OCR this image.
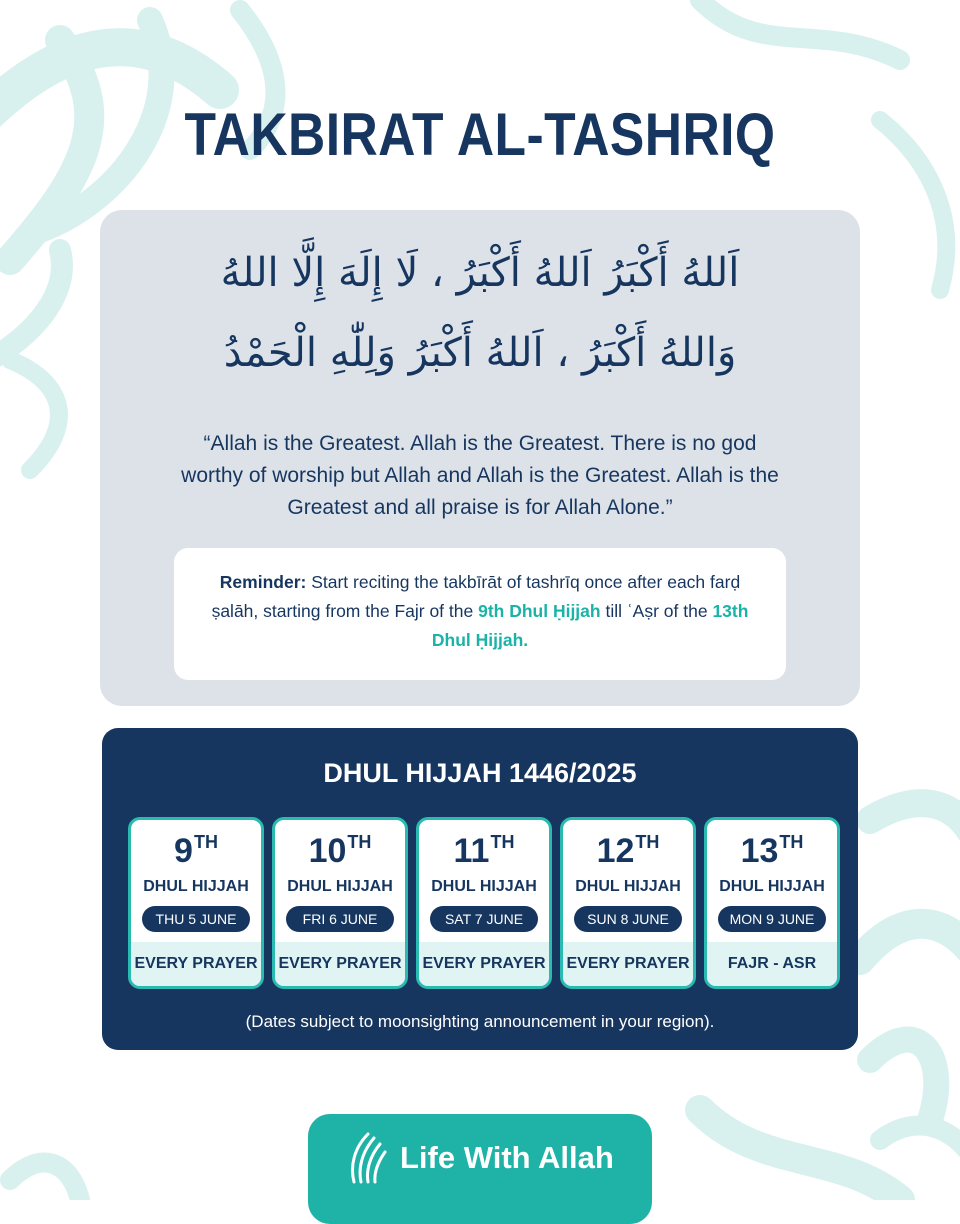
TAKBIRAT AL-TASHRIQ
اَللهُ أَكْبَرُ اَللهُ أَكْبَرُ ، لَا إِلَهَ إِلَّا اللهُ
وَاللهُ أَكْبَرُ ، اَللهُ أَكْبَرُ وَلِلّٰهِ الْحَمْدُ
“Allah is the Greatest. Allah is the Greatest. There is no god worthy of worship but Allah and Allah is the Greatest. Allah is the Greatest and all praise is for Allah Alone.”
Reminder: Start reciting the takbīrāt of tashrīq once after each farḍ ṣalāh, starting from the Fajr of the 9th Dhul Ḥijjah till ʿAṣr of the 13th Dhul Ḥijjah.
DHUL HIJJAH 1446/2025
9TH
DHUL HIJJAH
THU 5 JUNE
EVERY PRAYER
10TH
DHUL HIJJAH
FRI 6 JUNE
EVERY PRAYER
11TH
DHUL HIJJAH
SAT 7 JUNE
EVERY PRAYER
12TH
DHUL HIJJAH
SUN 8 JUNE
EVERY PRAYER
13TH
DHUL HIJJAH
MON 9 JUNE
FAJR - ASR
(Dates subject to moonsighting announcement in your region).
Life With Allah
